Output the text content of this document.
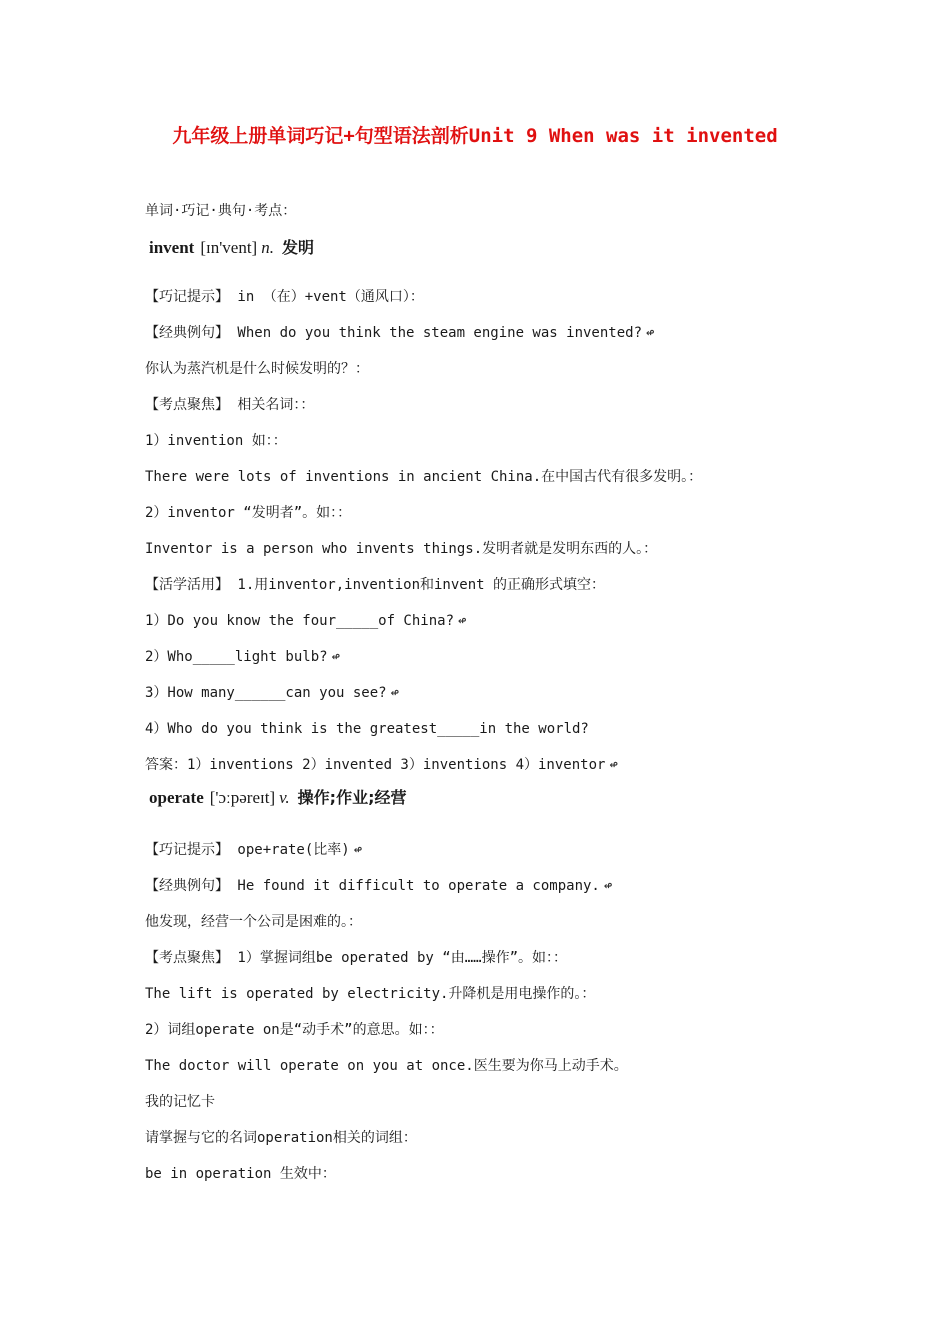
九年级上册单词巧记+句型语法剖析Unit 9 When was it invented
单词·巧记·典句·考点：
invent [ɪn'vent] n. 发明
【巧记提示】 in （在）+vent（通风口）：
【经典例句】 When do you think the steam engine was invented? ↫
你认为蒸汽机是什么时候发明的？：
【考点聚焦】 相关名词：：
1）invention 如：：
There were lots of inventions in ancient China.在中国古代有很多发明。：
2）inventor “发明者”。如：：
Inventor is a person who invents things.发明者就是发明东西的人。：
【活学活用】 1.用inventor,invention和invent 的正确形式填空：
1）Do you know the four_____of China? ↫
2）Who_____light bulb? ↫
3）How many______can you see? ↫
4）Who do you think is the greatest_____in the world?
答案：1）inventions 2）invented 3）inventions 4）inventor ↫
operate ['ɔːpəreɪt] v. 操作;作业;经营
【巧记提示】 ope+rate(比率) ↫
【经典例句】 He found it difficult to operate a company. ↫
他发现，经营一个公司是困难的。：
【考点聚焦】 1）掌握词组be operated by “由……操作”。如：：
The lift is operated by electricity.升降机是用电操作的。：
2）词组operate on是“动手术”的意思。如：：
The doctor will operate on you at once.医生要为你马上动手术。
我的记忆卡
请掌握与它的名词operation相关的词组：
be in operation 生效中：
